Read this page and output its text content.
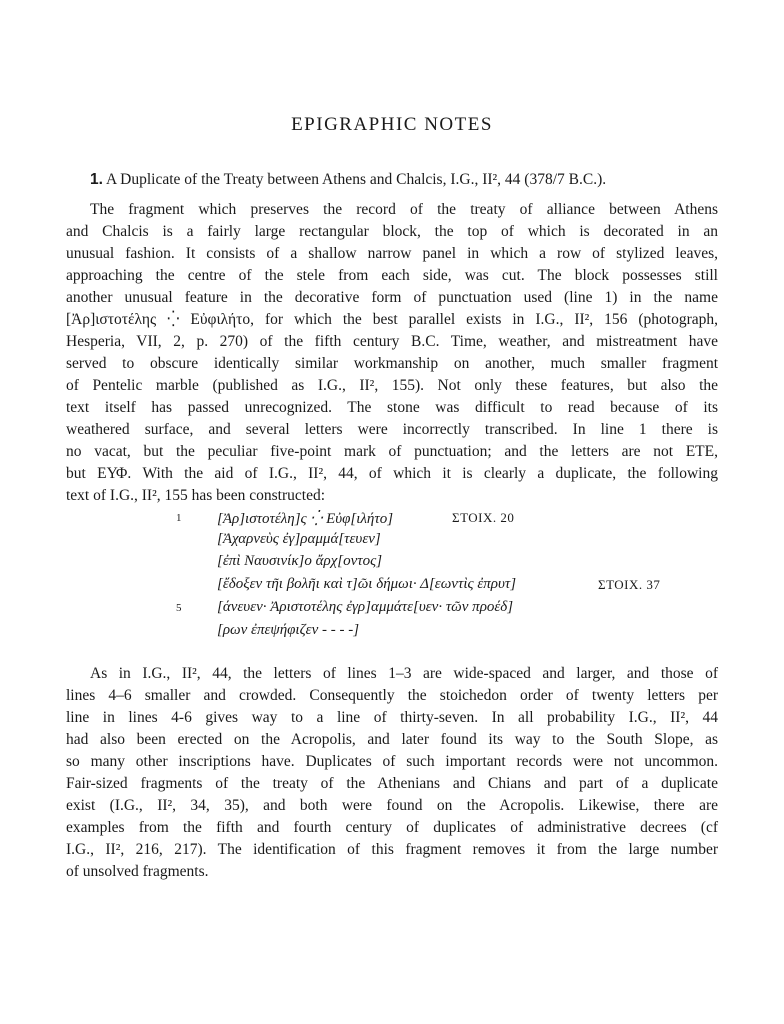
EPIGRAPHIC NOTES
1. A Duplicate of the Treaty between Athens and Chalcis, I.G., II², 44 (378/7 B.C.).
The fragment which preserves the record of the treaty of alliance between Athens
and Chalcis is a fairly large rectangular block, the top of which is decorated in an
unusual fashion. It consists of a shallow narrow panel in which a row of stylized leaves,
approaching the centre of the stele from each side, was cut. The block possesses still
another unusual feature in the decorative form of punctuation used (line 1) in the name
[Ἀρ]ιστοτέλης ⁛ Εὐφιλήτο, for which the best parallel exists in I.G., II², 156 (photograph,
Hesperia, VII, 2, p. 270) of the fifth century B.C. Time, weather, and mistreatment have
served to obscure identically similar workmanship on another, much smaller fragment
of Pentelic marble (published as I.G., II², 155). Not only these features, but also the
text itself has passed unrecognized. The stone was difficult to read because of its
weathered surface, and several letters were incorrectly transcribed. In line 1 there is
no vacat, but the peculiar five-point mark of punctuation; and the letters are not ETE,
but ΕΥΦ. With the aid of I.G., II², 44, of which it is clearly a duplicate, the following
text of I.G., II², 155 has been constructed:
1 [Ἀρ]ιστοτέλη]ς ⁛ Εὐφ[ιλήτο]	ΣΤΟΙΧ. 20
[Ἀχαρνεὺς ἐγ]ραμμά[τευεν]
[ἐπὶ Ναυσινίκ]ο ἄρχ[οντος]
[ἔδοξεν τῆι βολῆι καὶ τ]ῶι δήμωι· Δ[εωντὶς ἐπρυτ]	ΣΤΟΙΧ. 37
5 [άνευεν· Ἀριστοτέλης ἐγρ]αμμάτε[υεν· τῶν προέδ]
[ρων ἐπεψήφιζεν - - - -]
As in I.G., II², 44, the letters of lines 1–3 are wide-spaced and larger, and those of
lines 4–6 smaller and crowded. Consequently the stoichedon order of twenty letters per
line in lines 4-6 gives way to a line of thirty-seven. In all probability I.G., II², 44
had also been erected on the Acropolis, and later found its way to the South Slope, as
so many other inscriptions have. Duplicates of such important records were not uncommon.
Fair-sized fragments of the treaty of the Athenians and Chians and part of a duplicate
exist (I.G., II², 34, 35), and both were found on the Acropolis. Likewise, there are
examples from the fifth and fourth century of duplicates of administrative decrees (cf
I.G., II², 216, 217). The identification of this fragment removes it from the large number
of unsolved fragments.
